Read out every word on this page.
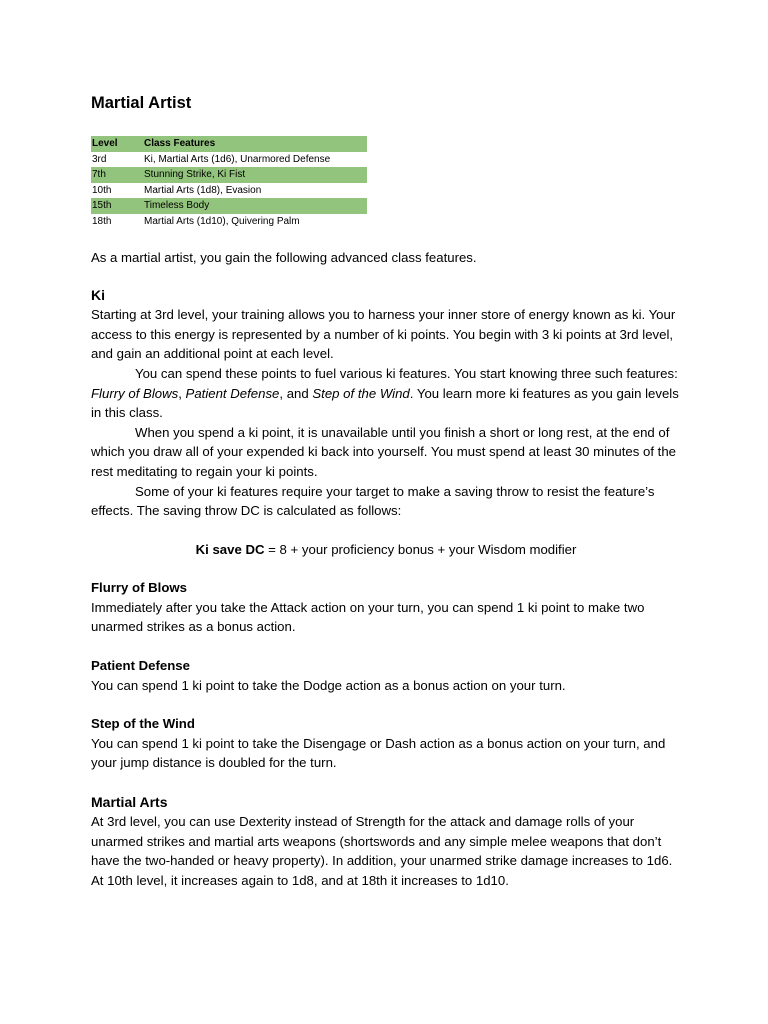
Martial Artist
Level	Class Features
3rd	Ki, Martial Arts (1d6), Unarmored Defense
7th	Stunning Strike, Ki Fist
10th	Martial Arts (1d8), Evasion
15th	Timeless Body
18th	Martial Arts (1d10), Quivering Palm

As a martial artist, you gain the following advanced class features.

Ki

Starting at 3rd level, your training allows you to harness your inner store of energy known as ki. Your access to this energy is represented by a number of ki points. You begin with 3 ki points at 3rd level, and gain an additional point at each level.

You can spend these points to fuel various ki features. You start knowing three such features: Flurry of Blows, Patient Defense, and Step of the Wind. You learn more ki features as you gain levels in this class.

When you spend a ki point, it is unavailable until you finish a short or long rest, at the end of which you draw all of your expended ki back into yourself. You must spend at least 30 minutes of the rest meditating to regain your ki points.

Some of your ki features require your target to make a saving throw to resist the feature’s effects. The saving throw DC is calculated as follows:

Ki save DC = 8 + your proficiency bonus + your Wisdom modifier

Flurry of Blows

Immediately after you take the Attack action on your turn, you can spend 1 ki point to make two unarmed strikes as a bonus action.

Patient Defense

You can spend 1 ki point to take the Dodge action as a bonus action on your turn.

Step of the Wind

You can spend 1 ki point to take the Disengage or Dash action as a bonus action on your turn, and your jump distance is doubled for the turn.

Martial Arts

At 3rd level, you can use Dexterity instead of Strength for the attack and damage rolls of your unarmed strikes and martial arts weapons (shortswords and any simple melee weapons that don’t have the two-handed or heavy property). In addition, your unarmed strike damage increases to 1d6. At 10th level, it increases again to 1d8, and at 18th it increases to 1d10.
